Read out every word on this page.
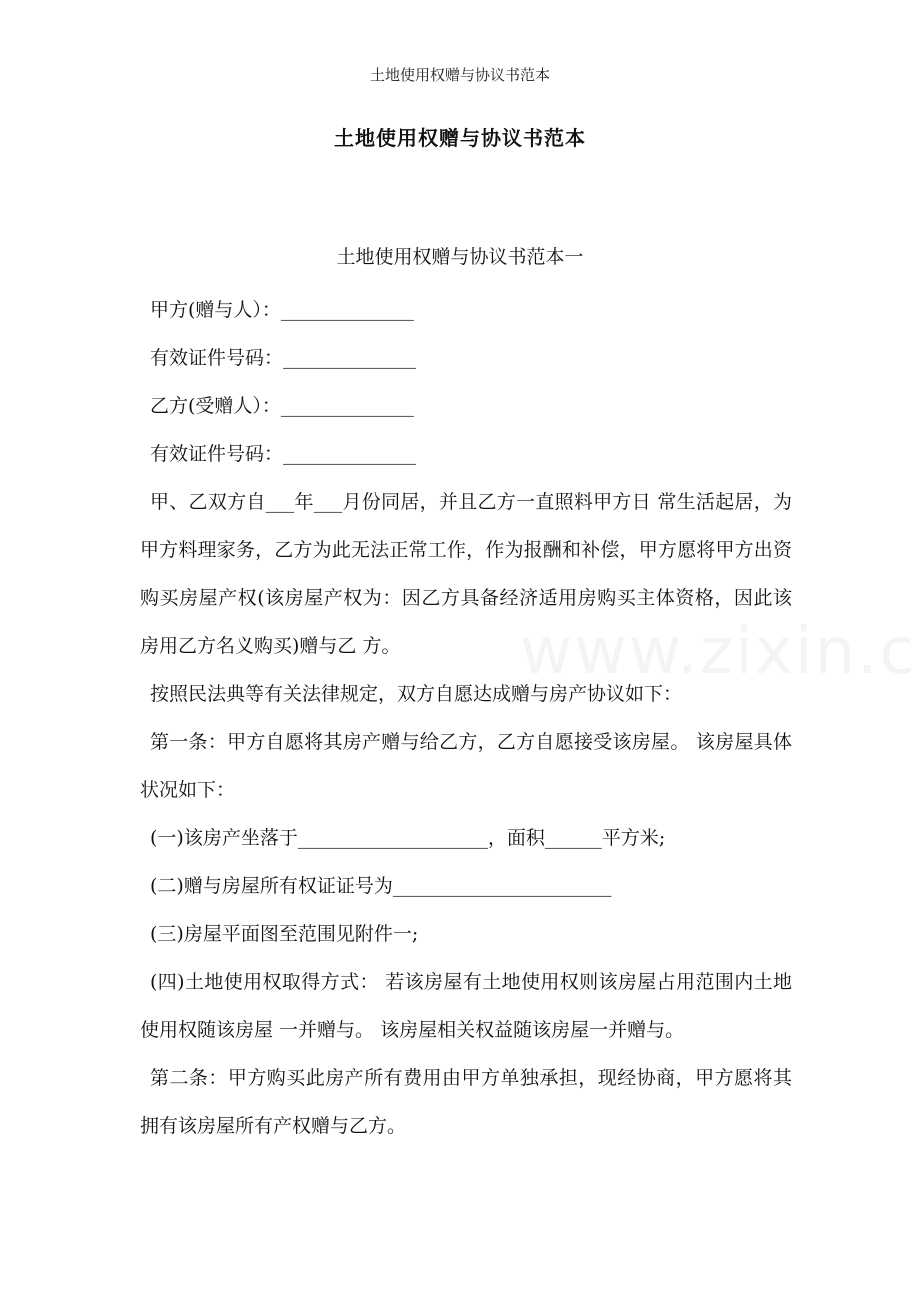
土地使用权赠与协议书范本
土地使用权赠与协议书范本
土地使用权赠与协议书范本一

甲方(赠与人）：______________

有效证件号码：______________

乙方(受赠人）：______________

有效证件号码：______________

甲、乙双方自___年___月份同居，并且乙方一直照料甲方日 常生活起居，为甲方料理家务，乙方为此无法正常工作，作为报酬和补偿，甲方愿将甲方出资购买房屋产权(该房屋产权为：因乙方具备经济适用房购买主体资格，因此该房用乙方名义购买)赠与乙 方。

按照民法典等有关法律规定，双方自愿达成赠与房产协议如下：

第一条：甲方自愿将其房产赠与给乙方，乙方自愿接受该房屋。 该房屋具体状况如下：

(一)该房产坐落于____________________，面积______平方米;

(二)赠与房屋所有权证证号为_______________________

(三)房屋平面图至范围见附件一;

(四)土地使用权取得方式： 若该房屋有土地使用权则该房屋占用范围内土地使用权随该房屋 一并赠与。 该房屋相关权益随该房屋一并赠与。

第二条：甲方购买此房产所有费用由甲方单独承担，现经协商，甲方愿将其拥有该房屋所有产权赠与乙方。
